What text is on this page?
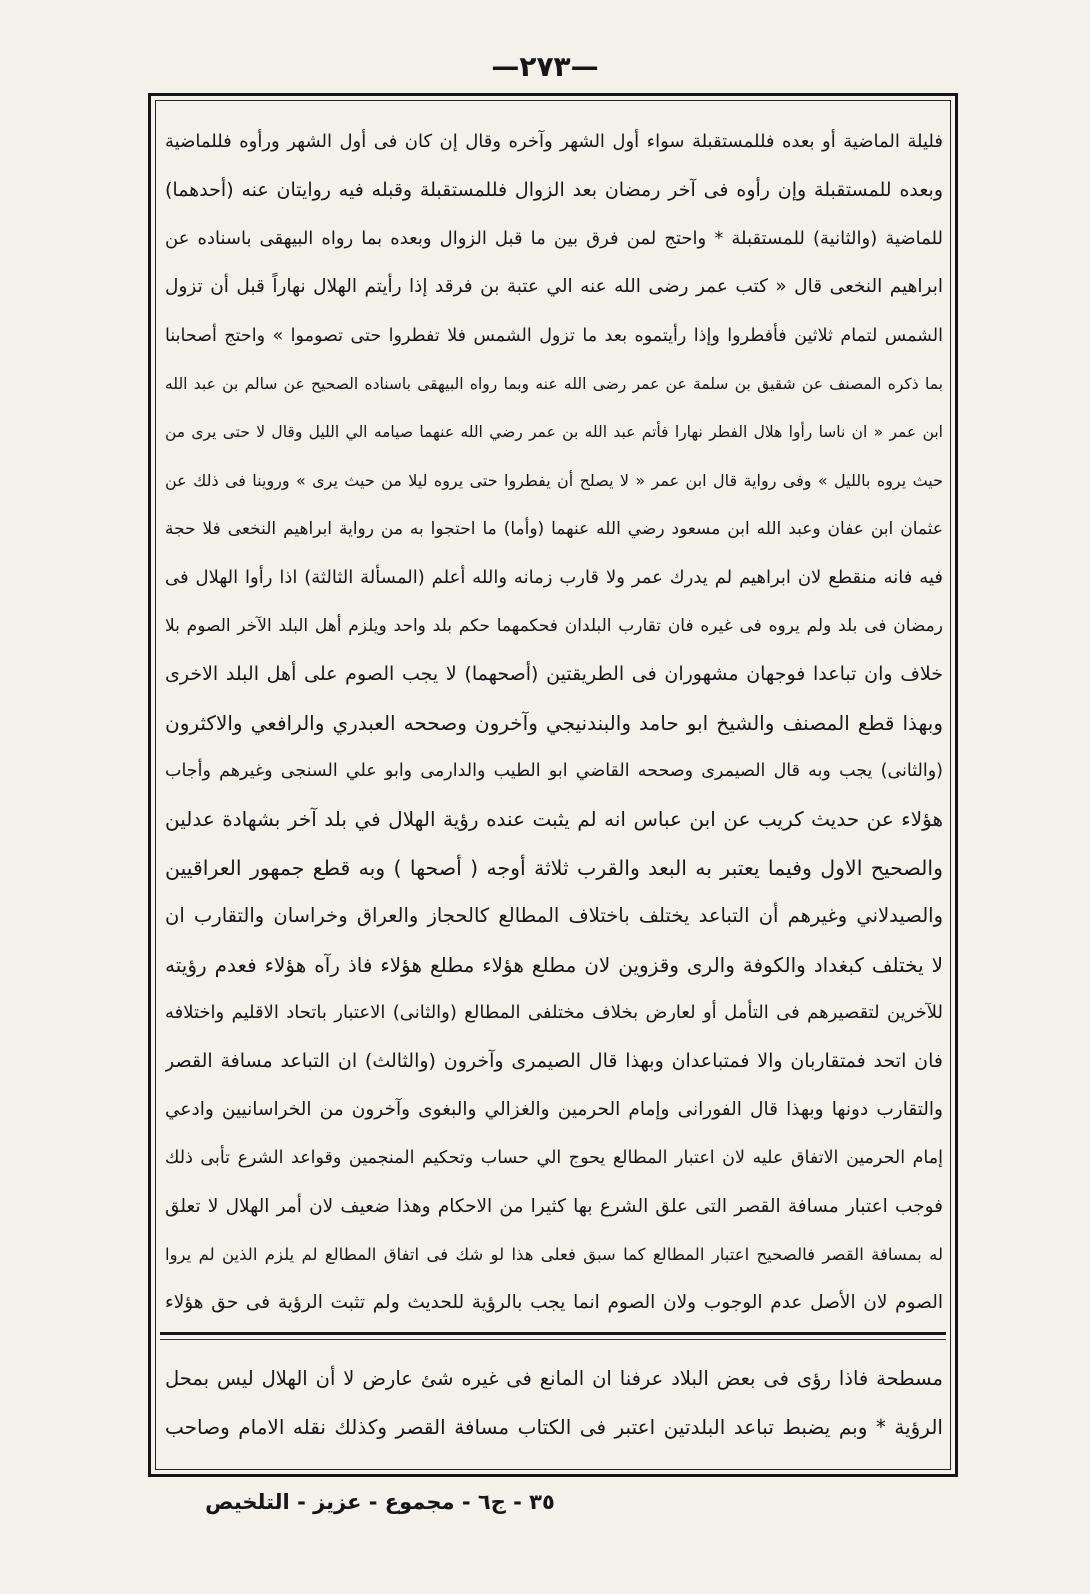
—٢٧٣—
فليلة الماضية أو بعده فللمستقبلة سواء أول الشهر وآخره وقال إن كان فى أول الشهر ورأوه فللماضية
وبعده للمستقبلة وإن رأوه فى آخر رمضان بعد الزوال فللمستقبلة وقبله فيه روايتان عنه (أحدهما)
للماضية (والثانية) للمستقبلة * واحتج لمن فرق بين ما قبل الزوال وبعده بما رواه البيهقى باسناده عن
ابراهيم النخعى قال « كتب عمر رضى الله عنه الي عتبة بن فرقد إذا رأيتم الهلال نهاراً قبل أن تزول
الشمس لتمام ثلاثين فأفطروا وإذا رأيتموه بعد ما تزول الشمس فلا تفطروا حتى تصوموا » واحتج أصحابنا
بما ذكره المصنف عن شقيق بن سلمة عن عمر رضى الله عنه وبما رواه البيهقى باسناده الصحيح عن سالم بن عبد الله
ابن عمر « ان ناسا رأوا هلال الفطر نهارا فأتم عبد الله بن عمر رضي الله عنهما صيامه الي الليل وقال لا حتى يرى من
حيث يروه بالليل » وفى رواية قال ابن عمر « لا يصلح أن يفطروا حتى يروه ليلا من حيث يرى » وروينا فى ذلك عن
عثمان ابن عفان وعبد الله ابن مسعود رضي الله عنهما (وأما) ما احتجوا به من رواية ابراهيم النخعى فلا حجة
فيه فانه منقطع لان ابراهيم لم يدرك عمر ولا قارب زمانه والله أعلم (المسألة الثالثة) اذا رأوا الهلال فى
رمضان فى بلد ولم يروه فى غيره فان تقارب البلدان فحكمهما حكم بلد واحد ويلزم أهل البلد الآخر الصوم بلا
خلاف وان تباعدا فوجهان مشهوران فى الطريقتين (أصحهما) لا يجب الصوم على أهل البلد الاخرى
وبهذا قطع المصنف والشيخ ابو حامد والبندنيجي وآخرون وصححه العبدري والرافعي والاكثرون
(والثانى) يجب وبه قال الصيمرى وصححه القاضي ابو الطيب والدارمى وابو علي السنجى وغيرهم وأجاب
هؤلاء عن حديث كريب عن ابن عباس انه لم يثبت عنده رؤية الهلال في بلد آخر بشهادة عدلين
والصحيح الاول وفيما يعتبر به البعد والقرب ثلاثة أوجه ( أصحها ) وبه قطع جمهور العراقيين
والصيدلاني وغيرهم أن التباعد يختلف باختلاف المطالع كالحجاز والعراق وخراسان والتقارب ان
لا يختلف كبغداد والكوفة والرى وقزوين لان مطلع هؤلاء مطلع هؤلاء فاذ رآه هؤلاء فعدم رؤيته
للآخرين لتقصيرهم فى التأمل أو لعارض بخلاف مختلفى المطالع (والثانى) الاعتبار باتحاد الاقليم واختلافه
فان اتحد فمتقاربان والا فمتباعدان وبهذا قال الصيمرى وآخرون (والثالث) ان التباعد مسافة القصر
والتقارب دونها وبهذا قال الفورانى وإمام الحرمين والغزالي والبغوى وآخرون من الخراسانيين وادعي
إمام الحرمين الاتفاق عليه لان اعتبار المطالع يحوج الي حساب وتحكيم المنجمين وقواعد الشرع تأبى ذلك
فوجب اعتبار مسافة القصر التى علق الشرع بها كثيرا من الاحكام وهذا ضعيف لان أمر الهلال لا تعلق
له بمسافة القصر فالصحيح اعتبار المطالع كما سبق فعلى هذا لو شك فى اتفاق المطالع لم يلزم الذين لم يروا
الصوم لان الأصل عدم الوجوب ولان الصوم انما يجب بالرؤية للحديث ولم تثبت الرؤية فى حق هؤلاء
مسطحة فاذا رؤى فى بعض البلاد عرفنا ان المانع فى غيره شئ عارض لا أن الهلال ليس بمحل
الرؤية * وبم يضبط تباعد البلدتين اعتبر فى الكتاب مسافة القصر وكذلك نقله الامام وصاحب
٣٥ - ج٦ - مجموع - عزيز - التلخيص
